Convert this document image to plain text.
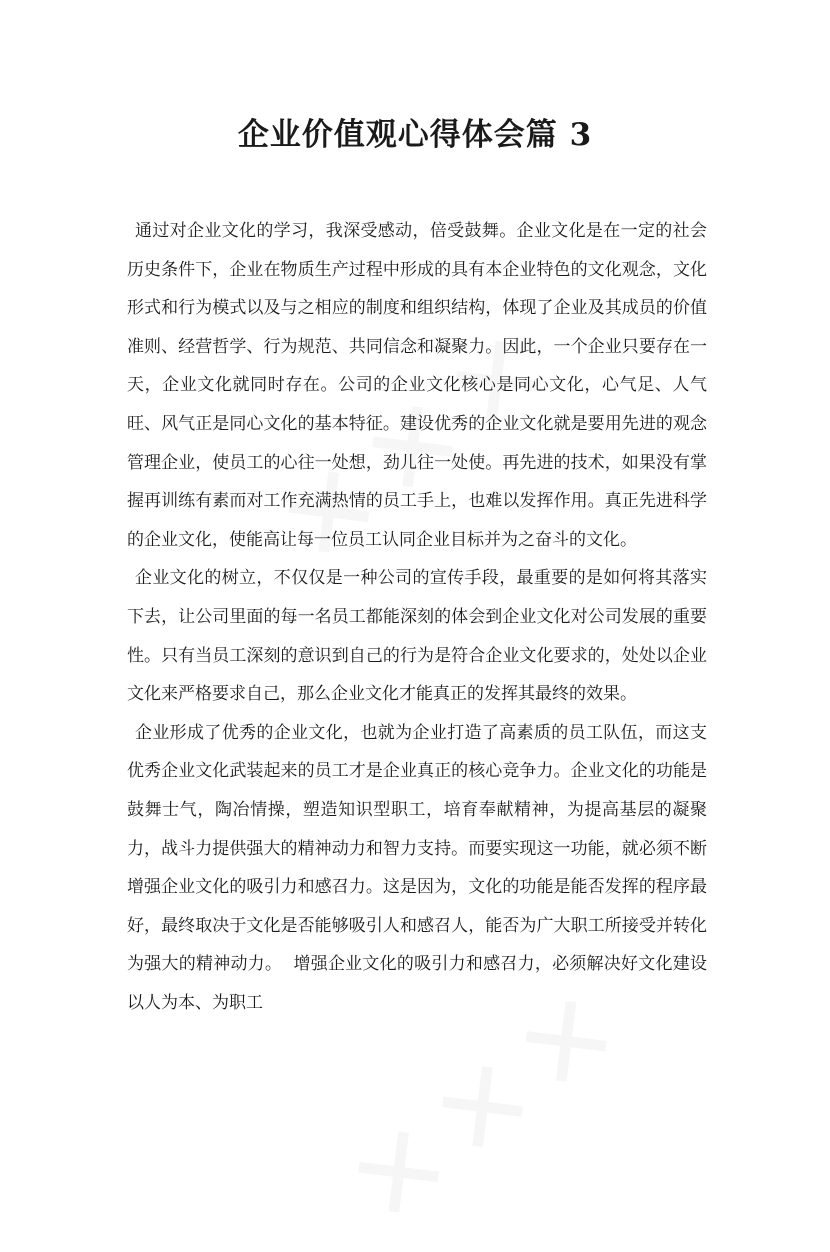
企业价值观心得体会篇 3

通过对企业文化的学习，我深受感动，倍受鼓舞。企业文化是在一定的社会历史条件下，企业在物质生产过程中形成的具有本企业特色的文化观念，文化形式和行为模式以及与之相应的制度和组织结构，体现了企业及其成员的价值准则、经营哲学、行为规范、共同信念和凝聚力。因此，一个企业只要存在一天，企业文化就同时存在。公司的企业文化核心是同心文化，心气足、人气旺、风气正是同心文化的基本特征。建设优秀的企业文化就是要用先进的观念管理企业，使员工的心往一处想，劲儿往一处使。再先进的技术，如果没有掌握再训练有素而对工作充满热情的员工手上，也难以发挥作用。真正先进科学的企业文化，使能高让每一位员工认同企业目标并为之奋斗的文化。

企业文化的树立，不仅仅是一种公司的宣传手段，最重要的是如何将其落实下去，让公司里面的每一名员工都能深刻的体会到企业文化对公司发展的重要性。只有当员工深刻的意识到自己的行为是符合企业文化要求的，处处以企业文化来严格要求自己，那么企业文化才能真正的发挥其最终的效果。

企业形成了优秀的企业文化，也就为企业打造了高素质的员工队伍，而这支优秀企业文化武装起来的员工才是企业真正的核心竞争力。企业文化的功能是鼓舞士气，陶冶情操，塑造知识型职工，培育奉献精神，为提高基层的凝聚力，战斗力提供强大的精神动力和智力支持。而要实现这一功能，就必须不断增强企业文化的吸引力和感召力。这是因为，文化的功能是能否发挥的程序最好，最终取决于文化是否能够吸引人和感召人，能否为广大职工所接受并转化为强大的精神动力。  增强企业文化的吸引力和感召力，必须解决好文化建设以人为本、为职工
